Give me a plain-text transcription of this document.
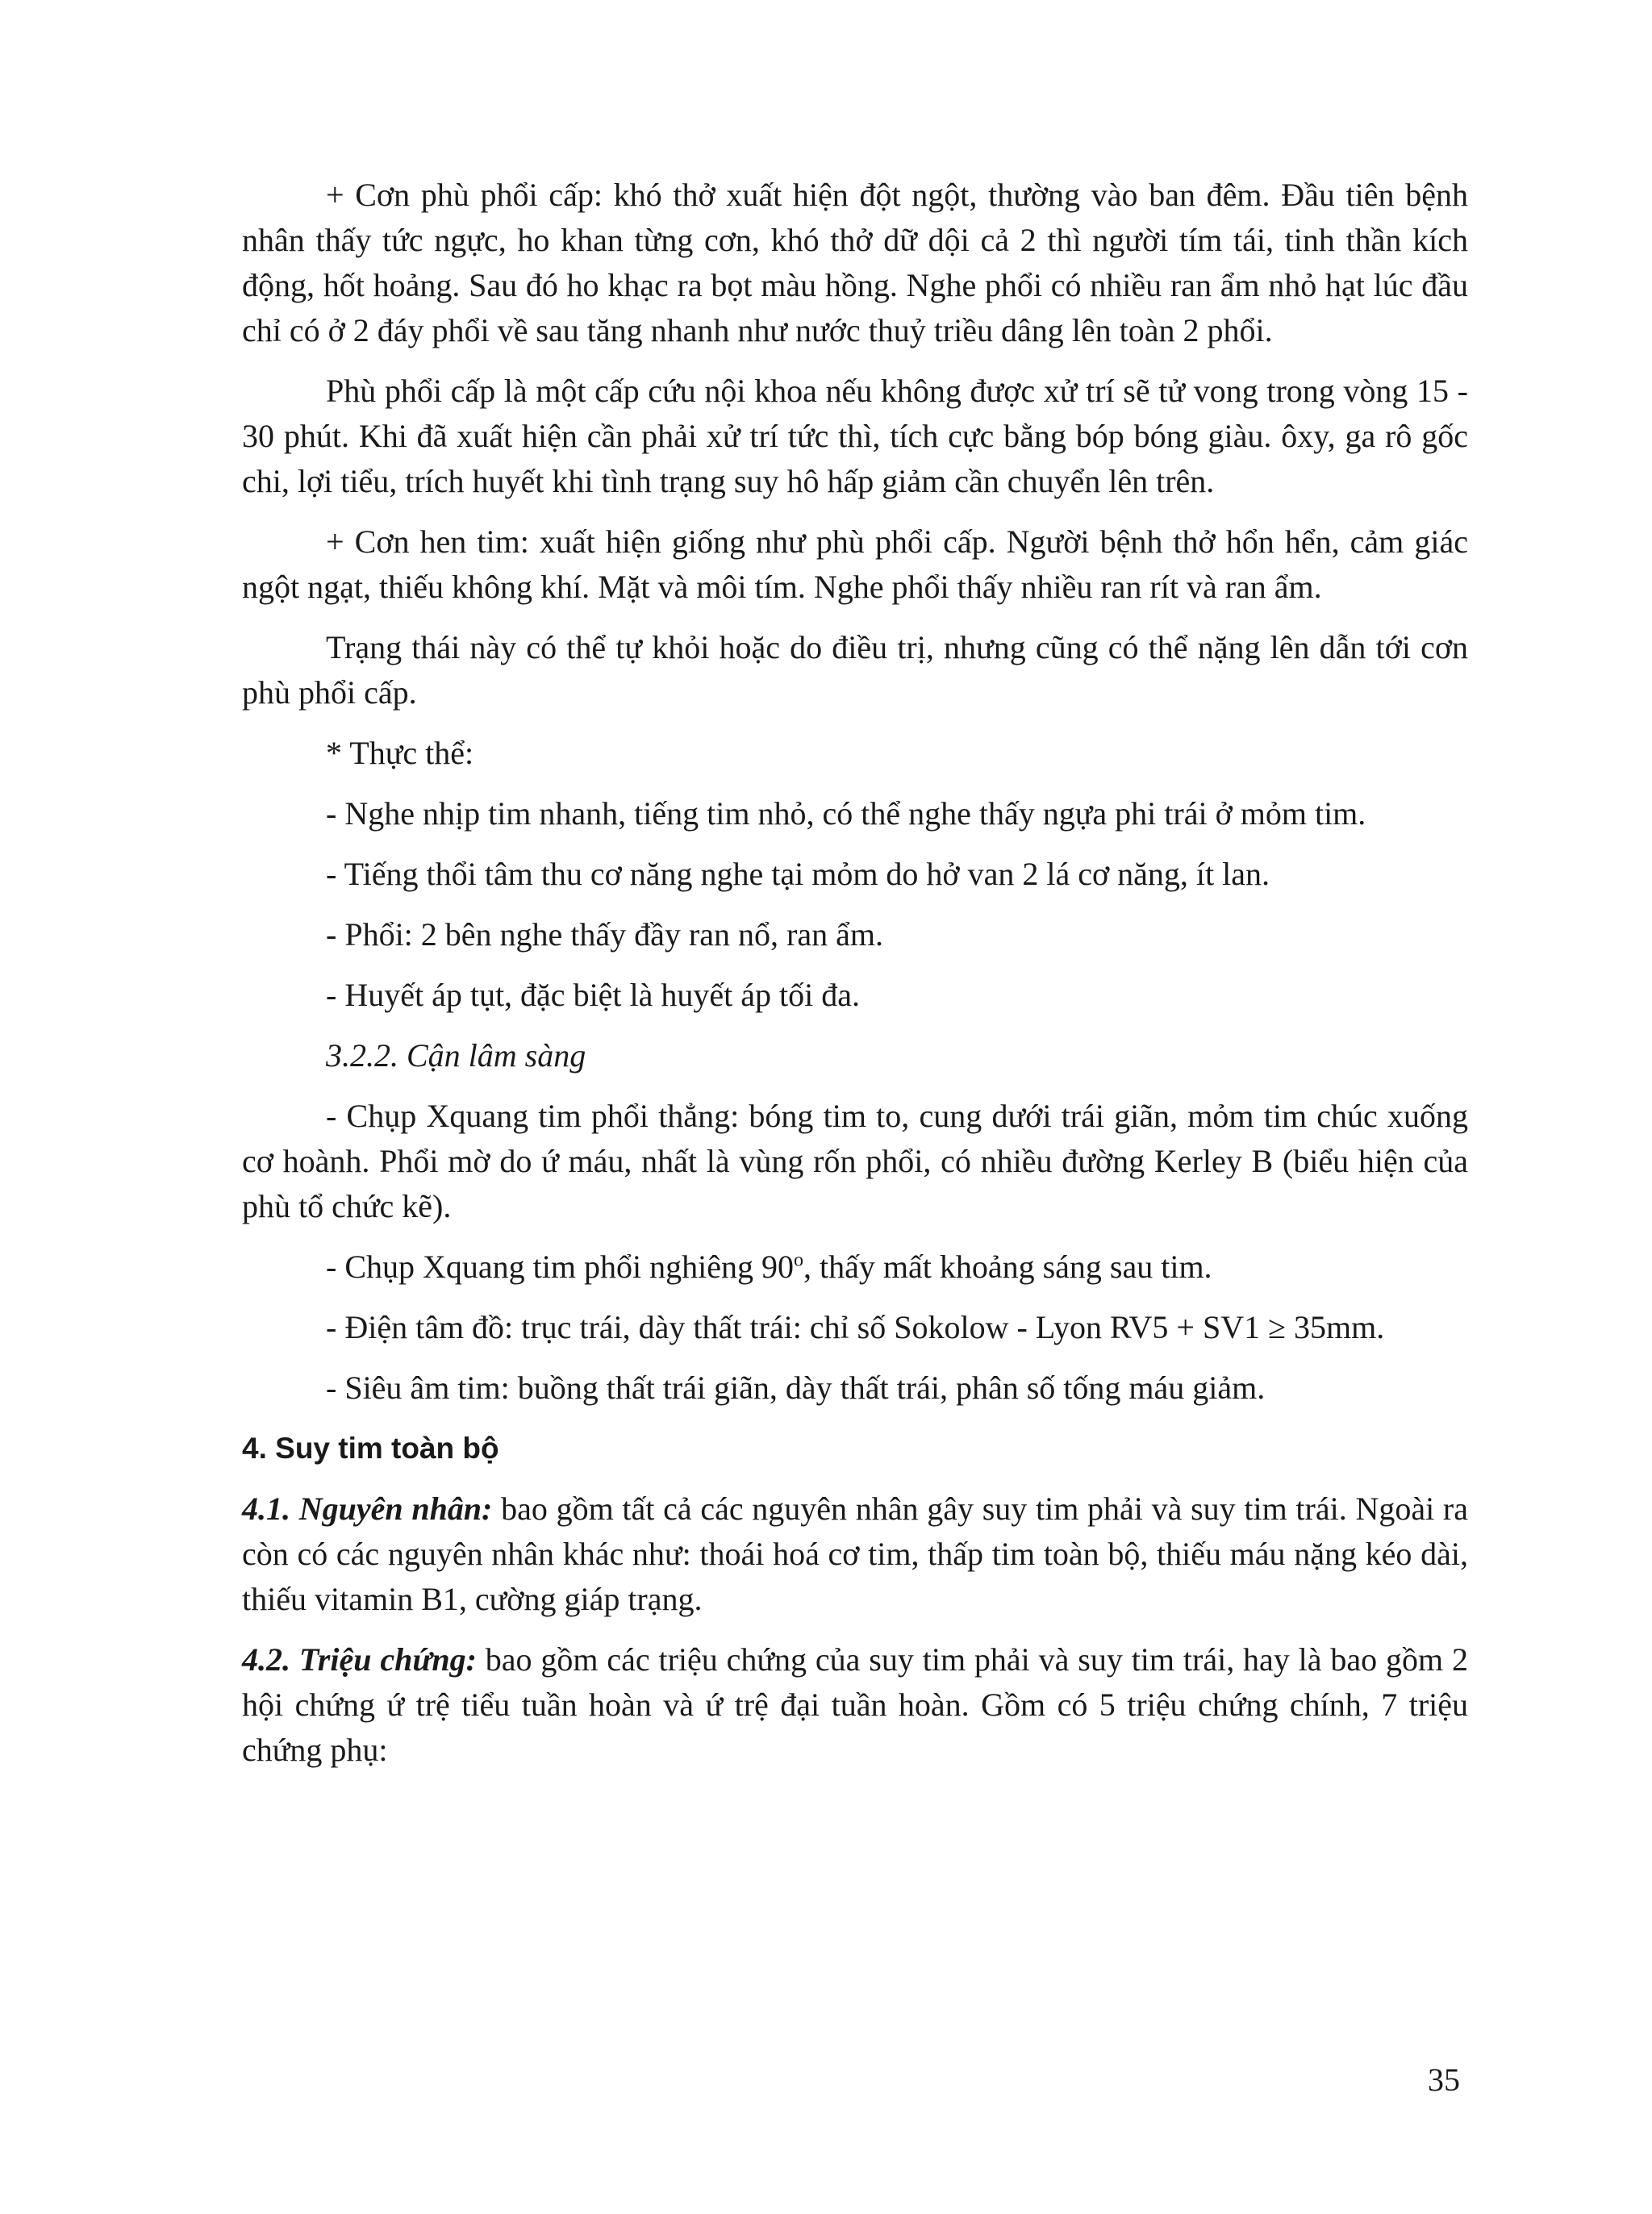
+ Cơn phù phổi cấp: khó thở xuất hiện đột ngột, thường vào ban đêm. Đầu tiên bệnh nhân thấy tức ngực, ho khan từng cơn, khó thở dữ dội cả 2 thì người tím tái, tinh thần kích động, hốt hoảng. Sau đó ho khạc ra bọt màu hồng. Nghe phổi có nhiều ran ẩm nhỏ hạt lúc đầu chỉ có ở 2 đáy phổi về sau tăng nhanh như nước thuỷ triều dâng lên toàn 2 phổi.

Phù phổi cấp là một cấp cứu nội khoa nếu không được xử trí sẽ tử vong trong vòng 15 - 30 phút. Khi đã xuất hiện cần phải xử trí tức thì, tích cực bằng bóp bóng giàu. ôxy, ga rô gốc chi, lợi tiểu, trích huyết khi tình trạng suy hô hấp giảm cần chuyển lên trên.

+ Cơn hen tim: xuất hiện giống như phù phổi cấp. Người bệnh thở hổn hển, cảm giác ngột ngạt, thiếu không khí. Mặt và môi tím. Nghe phổi thấy nhiều ran rít và ran ẩm.

Trạng thái này có thể tự khỏi hoặc do điều trị, nhưng cũng có thể nặng lên dẫn tới cơn phù phổi cấp.

* Thực thể:

- Nghe nhịp tim nhanh, tiếng tim nhỏ, có thể nghe thấy ngựa phi trái ở mỏm tim.

- Tiếng thổi tâm thu cơ năng nghe tại mỏm do hở van 2 lá cơ năng, ít lan.

- Phổi: 2 bên nghe thấy đầy ran nổ, ran ẩm.

- Huyết áp tụt, đặc biệt là huyết áp tối đa.

3.2.2. Cận lâm sàng

- Chụp Xquang tim phổi thẳng: bóng tim to, cung dưới trái giãn, mỏm tim chúc xuống cơ hoành. Phổi mờ do ứ máu, nhất là vùng rốn phổi, có nhiều đường Kerley B (biểu hiện của phù tổ chức kẽ).

- Chụp Xquang tim phổi nghiêng 90$^o$, thấy mất khoảng sáng sau tim.

- Điện tâm đồ: trục trái, dày thất trái: chỉ số Sokolow - Lyon RV5 + SV1 ≥ 35mm.

- Siêu âm tim: buồng thất trái giãn, dày thất trái, phân số tống máu giảm.

4. Suy tim toàn bộ

4.1. Nguyên nhân: bao gồm tất cả các nguyên nhân gây suy tim phải và suy tim trái. Ngoài ra còn có các nguyên nhân khác như: thoái hoá cơ tim, thấp tim toàn bộ, thiếu máu nặng kéo dài, thiếu vitamin B1, cường giáp trạng.

4.2. Triệu chứng: bao gồm các triệu chứng của suy tim phải và suy tim trái, hay là bao gồm 2 hội chứng ứ trệ tiểu tuần hoàn và ứ trệ đại tuần hoàn. Gồm có 5 triệu chứng chính, 7 triệu chứng phụ:

35
